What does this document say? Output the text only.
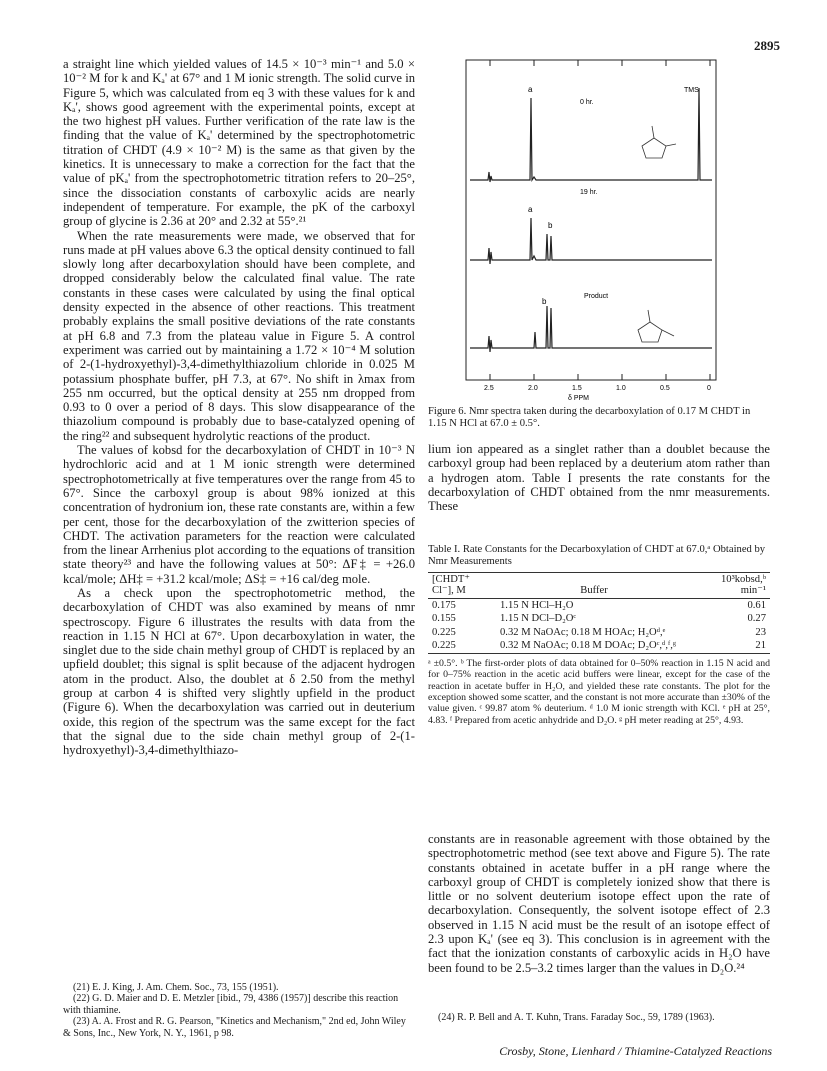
2895

a straight line which yielded values of 14.5 × 10⁻³ min⁻¹ and 5.0 × 10⁻² M for k and Kₐ' at 67° and 1 M ionic strength. The solid curve in Figure 5, which was calculated from eq 3 with these values for k and Kₐ', shows good agreement with the experimental points, except at the two highest pH values. Further verification of the rate law is the finding that the value of Kₐ' determined by the spectrophotometric titration of CHDT (4.9 × 10⁻² M) is the same as that given by the kinetics. It is unnecessary to make a correction for the fact that the value of pKₐ' from the spectrophotometric titration refers to 20–25°, since the dissociation constants of carboxylic acids are nearly independent of temperature. For example, the pK of the carboxyl group of glycine is 2.36 at 20° and 2.32 at 55°.²¹

When the rate measurements were made, we observed that for runs made at pH values above 6.3 the optical density continued to fall slowly long after decarboxylation should have been complete, and dropped considerably below the calculated final value. The rate constants in these cases were calculated by using the final optical density expected in the absence of other reactions. This treatment probably explains the small positive deviations of the rate constants at pH 6.8 and 7.3 from the plateau value in Figure 5. A control experiment was carried out by maintaining a 1.72 × 10⁻⁴ M solution of 2-(1-hydroxyethyl)-3,4-dimethylthiazolium chloride in 0.025 M potassium phosphate buffer, pH 7.3, at 67°. No shift in λmax from 255 nm occurred, but the optical density at 255 nm dropped from 0.93 to 0 over a period of 8 days. This slow disappearance of the thiazolium compound is probably due to base-catalyzed opening of the ring²² and subsequent hydrolytic reactions of the product.

The values of kobsd for the decarboxylation of CHDT in 10⁻³ N hydrochloric acid and at 1 M ionic strength were determined spectrophotometrically at five temperatures over the range from 45 to 67°. Since the carboxyl group is about 98% ionized at this concentration of hydronium ion, these rate constants are, within a few per cent, those for the decarboxylation of the zwitterion species of CHDT. The activation parameters for the reaction were calculated from the linear Arrhenius plot according to the equations of transition state theory²³ and have the following values at 50°: ΔF‡ = +26.0 kcal/mole; ΔH‡ = +31.2 kcal/mole; ΔS‡ = +16 cal/deg mole.

As a check upon the spectrophotometric method, the decarboxylation of CHDT was also examined by means of nmr spectroscopy. Figure 6 illustrates the results with data from the reaction in 1.15 N HCl at 67°. Upon decarboxylation in water, the singlet due to the side chain methyl group of CHDT is replaced by an upfield doublet; this signal is split because of the adjacent hydrogen atom in the product. Also, the doublet at δ 2.50 from the methyl group at carbon 4 is shifted very slightly upfield in the product (Figure 6). When the decarboxylation was carried out in deuterium oxide, this region of the spectrum was the same except for the fact that the signal due to the side chain methyl group of 2-(1-hydroxyethyl)-3,4-dimethylthiazo-

(21) E. J. King, J. Am. Chem. Soc., 73, 155 (1951).

(22) G. D. Maier and D. E. Metzler [ibid., 79, 4386 (1957)] describe this reaction with thiamine.

(23) A. A. Frost and R. G. Pearson, "Kinetics and Mechanism," 2nd ed, John Wiley & Sons, Inc., New York, N. Y., 1961, p 98.

a
0 hr.
TMS
a
b
19 hr.
b
Product
2.5	2.0	1.5	1.0	0.5	0
δ PPM
Figure 6. Nmr spectra taken during the decarboxylation of 0.17 M CHDT in 1.15 N HCl at 67.0 ± 0.5°.

lium ion appeared as a singlet rather than a doublet because the carboxyl group had been replaced by a deuterium atom rather than a hydrogen atom. Table I presents the rate constants for the decarboxylation of CHDT obtained from the nmr measurements. These

Table I. Rate Constants for the Decarboxylation of CHDT at 67.0,ᵃ Obtained by Nmr Measurements
[CHDT⁺ Cl⁻], M	Buffer	10³kobsd,ᵇ min⁻¹
0.175	1.15 N HCl–H₂O	0.61
0.155	1.15 N DCl–D₂Oᶜ	0.27
0.225	0.32 M NaOAc; 0.18 M HOAc; H₂Oᵈ,ᵉ	23
0.225	0.32 M NaOAc; 0.18 M DOAc; D₂Oᶜ,ᵈ,ᶠ,ᵍ	21
ᵃ ±0.5°. ᵇ The first-order plots of data obtained for 0–50% reaction in 1.15 N acid and for 0–75% reaction in the acetic acid buffers were linear, except for the case of the reaction in acetate buffer in H₂O, and yielded these rate constants. The plot for the exception showed some scatter, and the constant is not more accurate than ±30% of the value given. ᶜ 99.87 atom % deuterium. ᵈ 1.0 M ionic strength with KCl. ᵉ pH at 25°, 4.83. ᶠ Prepared from acetic anhydride and D₂O. ᵍ pH meter reading at 25°, 4.93.

constants are in reasonable agreement with those obtained by the spectrophotometric method (see text above and Figure 5). The rate constants obtained in acetate buffer in a pH range where the carboxyl group of CHDT is completely ionized show that there is little or no solvent deuterium isotope effect upon the rate of decarboxylation. Consequently, the solvent isotope effect of 2.3 observed in 1.15 N acid must be the result of an isotope effect of 2.3 upon Kₐ' (see eq 3). This conclusion is in agreement with the fact that the ionization constants of carboxylic acids in H₂O have been found to be 2.5–3.2 times larger than the values in D₂O.²⁴

(24) R. P. Bell and A. T. Kuhn, Trans. Faraday Soc., 59, 1789 (1963).

Crosby, Stone, Lienhard / Thiamine-Catalyzed Reactions
